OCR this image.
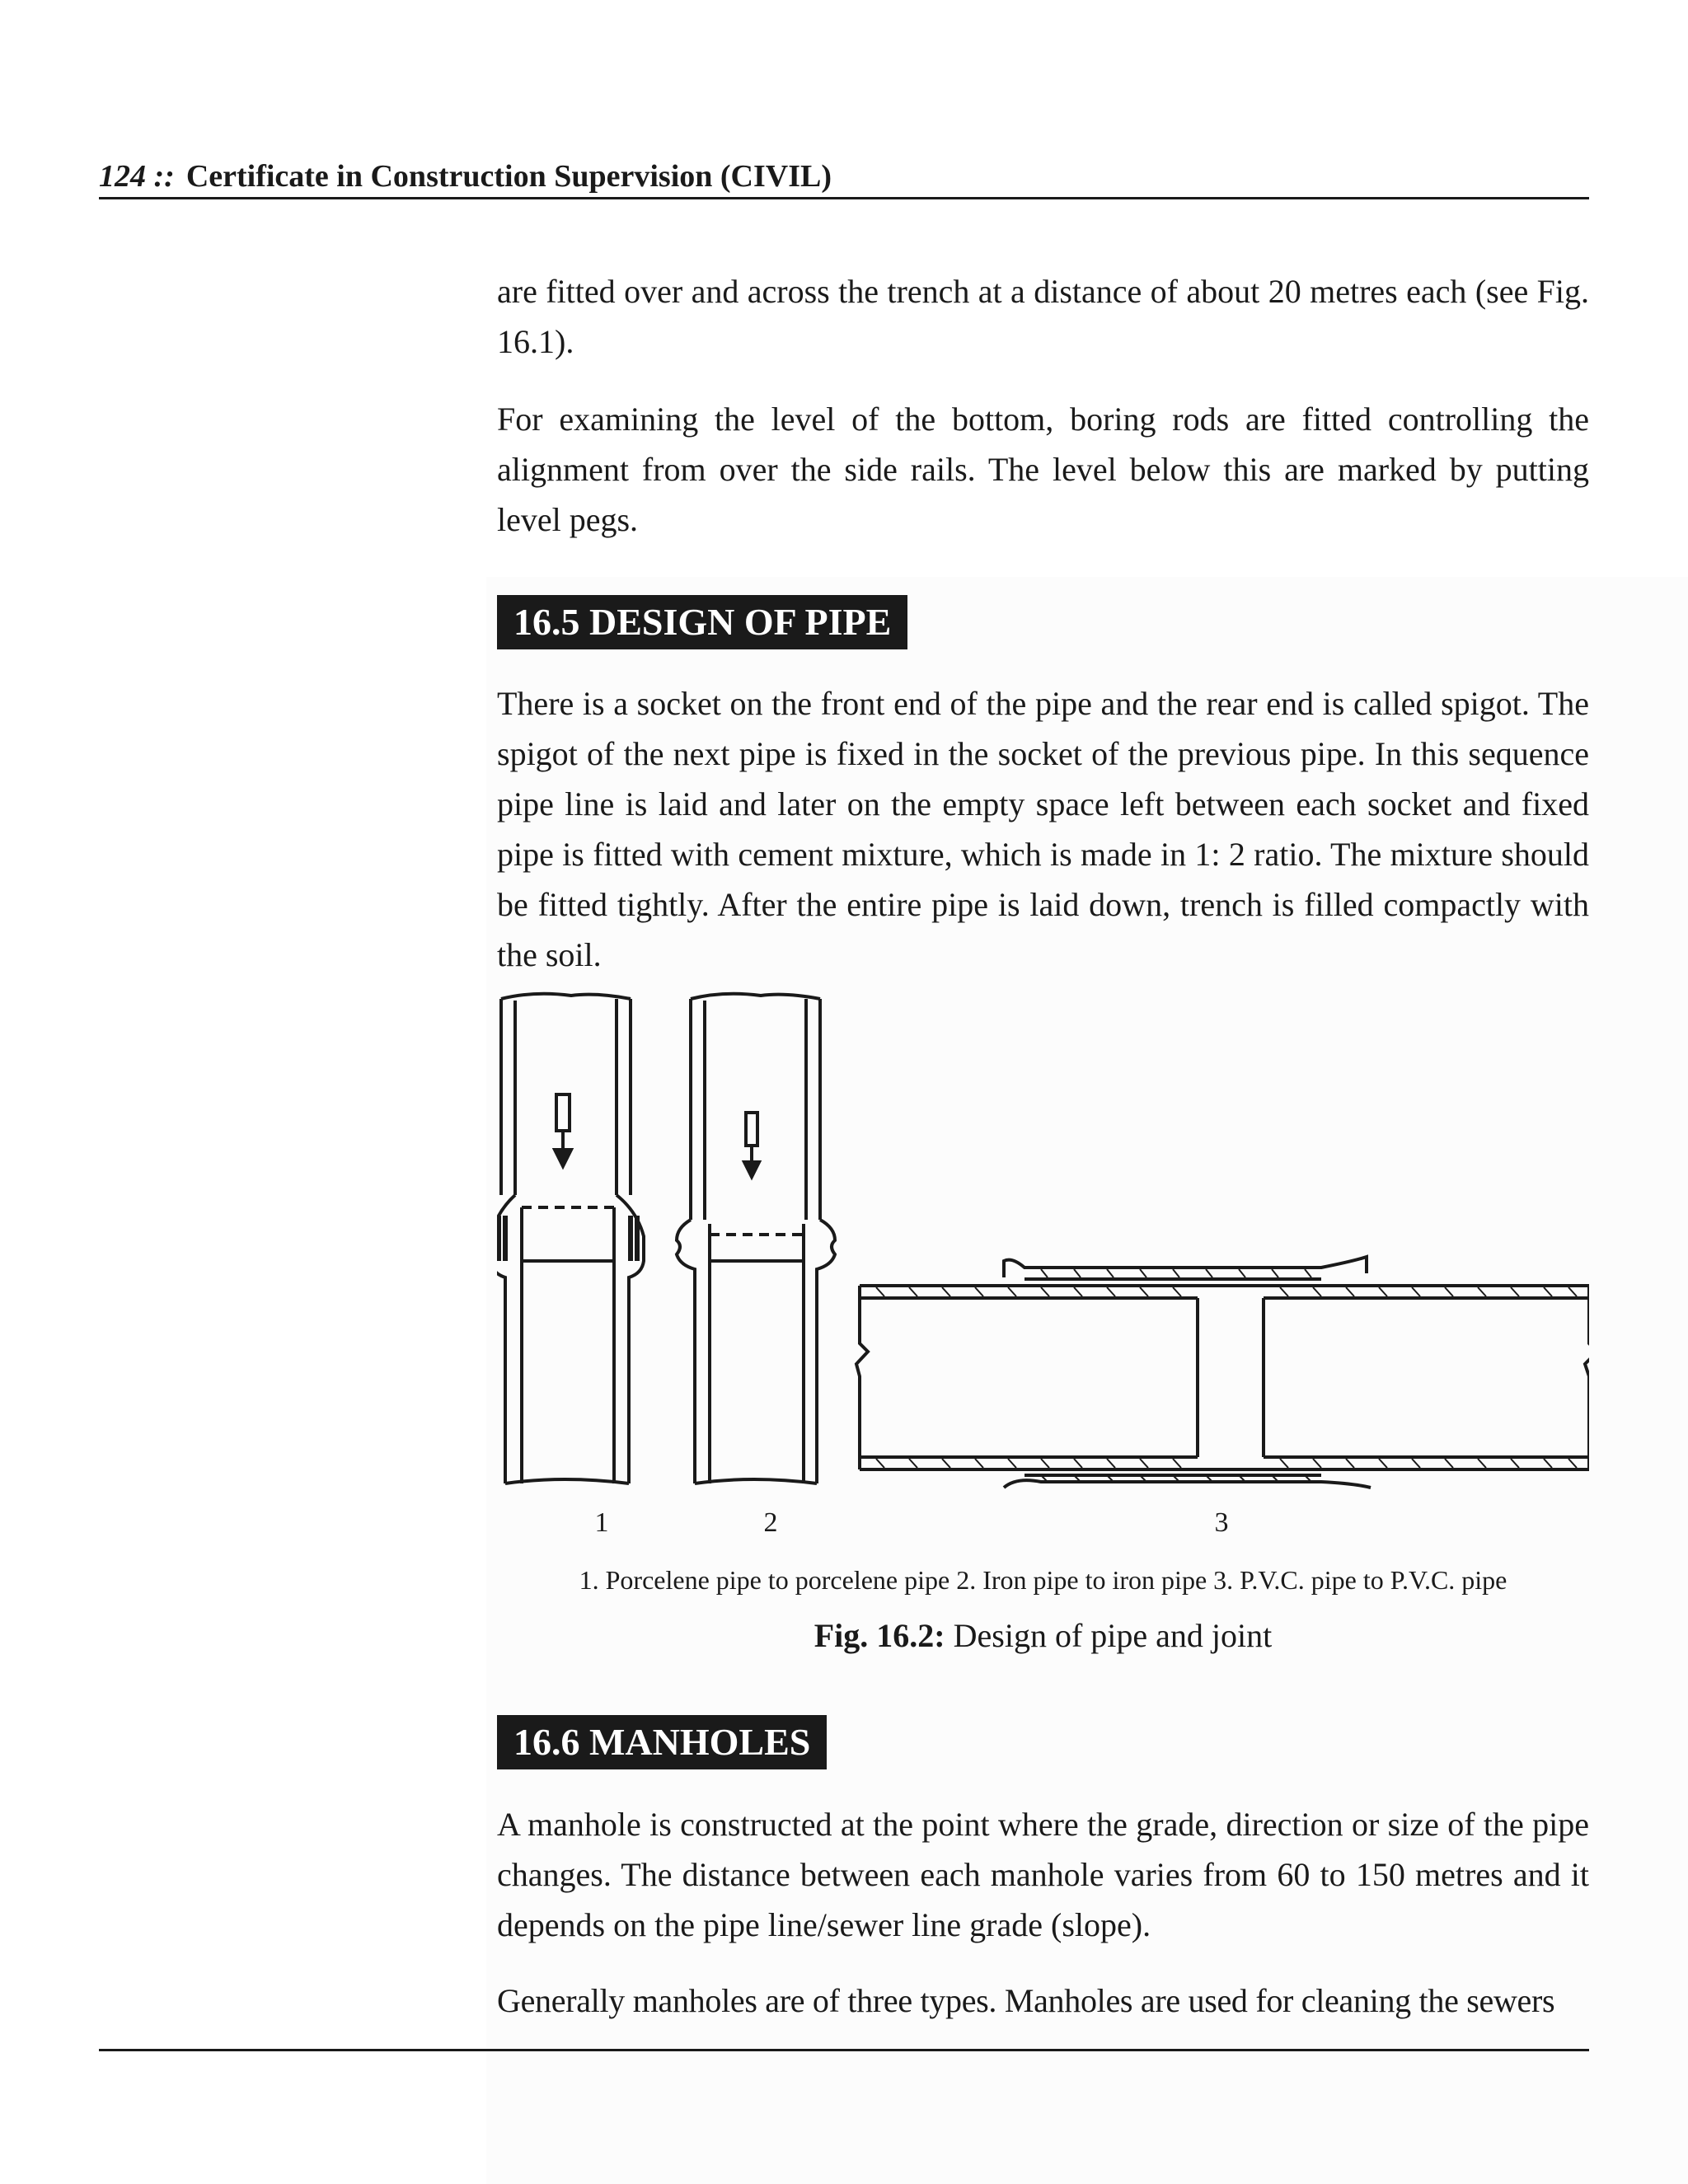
124 :: Certificate in Construction Supervision (CIVIL)

are fitted over and across the trench at a distance of about 20 metres each (see Fig. 16.1).

For examining the level of the bottom, boring rods are fitted controlling the alignment from over the side rails. The level below this are marked by putting level pegs.

16.5 DESIGN OF PIPE

There is a socket on the front end of the pipe and the rear end is called spigot. The spigot of the next pipe is fixed in the socket of the previous pipe. In this sequence pipe line is laid and later on the empty space left between each socket and fixed pipe is fitted with cement mixture, which is made in 1: 2 ratio. The mixture should be fitted tightly. After the entire pipe is laid down, trench is filled compactly with the soil.

1	2	3
1. Porcelene pipe to porcelene pipe 2. Iron pipe to iron pipe 3. P.V.C. pipe to P.V.C. pipe
Fig. 16.2: Design of pipe and joint
16.6 MANHOLES

A manhole is constructed at the point where the grade, direction or size of the pipe changes. The distance between each manhole varies from 60 to 150 metres and it depends on the pipe line/sewer line grade (slope).

Generally manholes are of three types. Manholes are used for cleaning the sewers
